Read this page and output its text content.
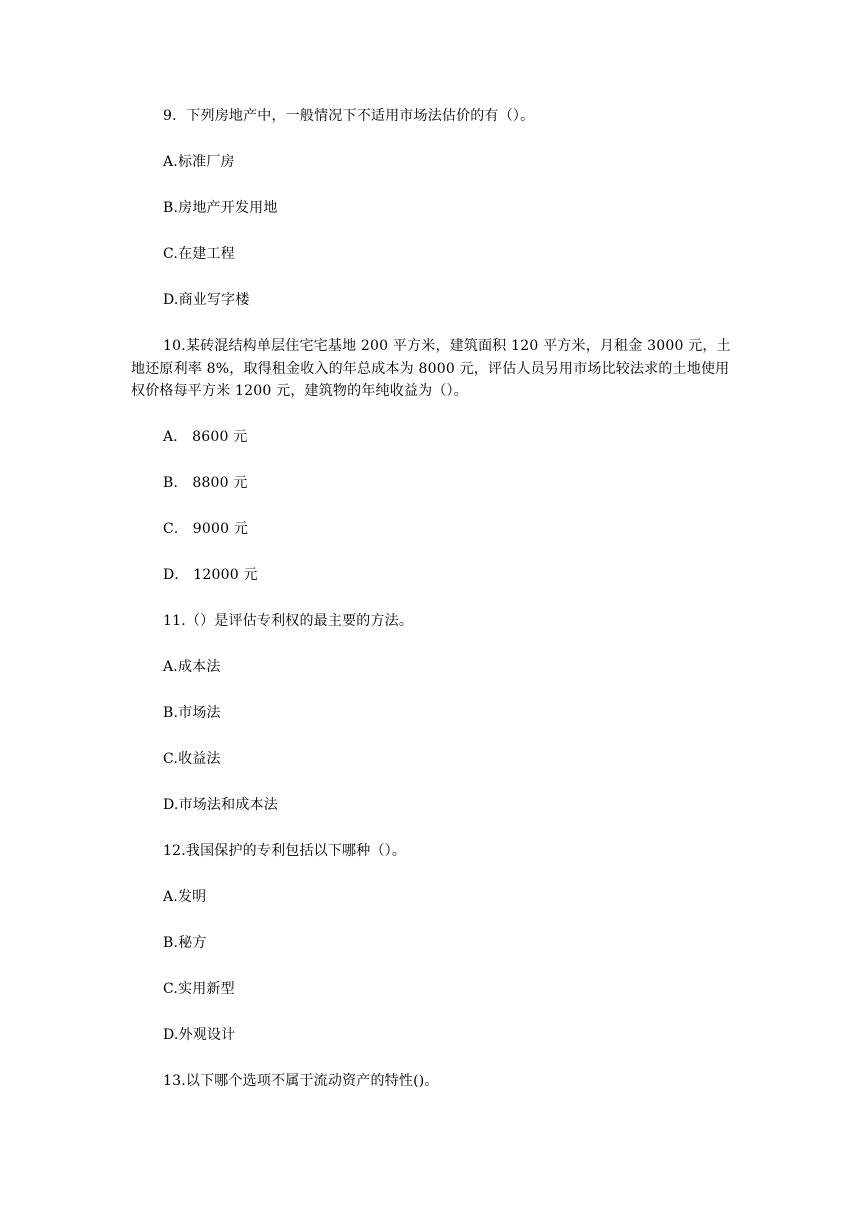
9．下列房地产中，一般情况下不适用市场法估价的有（）。

A.标准厂房

B.房地产开发用地

C.在建工程

D.商业写字楼

10.某砖混结构单层住宅宅基地 200 平方米，建筑面积 120 平方米，月租金 3000 元，土地还原利率 8%，取得租金收入的年总成本为 8000 元，评估人员另用市场比较法求的土地使用权价格每平方米 1200 元，建筑物的年纯收益为（）。

A． 8600 元

B． 8800 元

C． 9000 元

D． 12000 元

11.（）是评估专利权的最主要的方法。

A.成本法

B.市场法

C.收益法

D.市场法和成本法

12.我国保护的专利包括以下哪种（）。

A.发明

B.秘方

C.实用新型

D.外观设计

13.以下哪个选项不属于流动资产的特性()。
